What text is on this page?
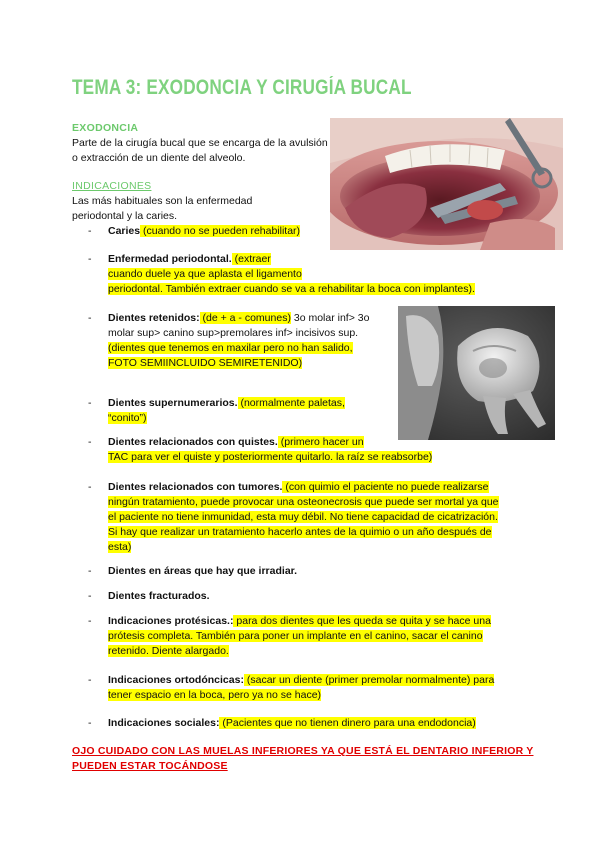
TEMA 3: EXODONCIA Y CIRUGÍA BUCAL
EXODONCIA
Parte de la cirugía bucal que se encarga de la avulsión o extracción de un diente del alveolo.
INDICACIONES
Las más habituales son la enfermedad periodontal y la caries.
- Caries (cuando no se pueden rehabilitar)
- Enfermedad periodontal. (extraer
cuando duele ya que aplasta el ligamento
periodontal. También extraer cuando se va a rehabilitar la boca con implantes).
- Dientes retenidos: (de + a - comunes) 3o molar inf> 3o
molar sup> canino sup>premolares inf> incisivos sup.
(dientes que tenemos en maxilar pero no han salido,
FOTO SEMIINCLUIDO SEMIRETENIDO)
- Dientes supernumerarios. (normalmente paletas,
“conito”)
- Dientes relacionados con quistes. (primero hacer un
TAC para ver el quiste y posteriormente quitarlo. la raíz se reabsorbe)
- Dientes relacionados con tumores. (con quimio el paciente no puede realizarse
ningún tratamiento, puede provocar una osteonecrosis que puede ser mortal ya que
el paciente no tiene inmunidad, esta muy débil. No tiene capacidad de cicatrización.
Si hay que realizar un tratamiento hacerlo antes de la quimio o un año después de
esta)
- Dientes en áreas que hay que irradiar.
- Dientes fracturados.
- Indicaciones protésicas.: para dos dientes que les queda se quita y se hace una
prótesis completa. También para poner un implante en el canino, sacar el canino
retenido. Diente alargado.
- Indicaciones ortodóncicas: (sacar un diente (primer premolar normalmente) para
tener espacio en la boca, pero ya no se hace)
- Indicaciones sociales: (Pacientes que no tienen dinero para una endodoncia)
OJO CUIDADO CON LAS MUELAS INFERIORES YA QUE ESTÁ EL DENTARIO INFERIOR Y PUEDEN ESTAR TOCÁNDOSE
